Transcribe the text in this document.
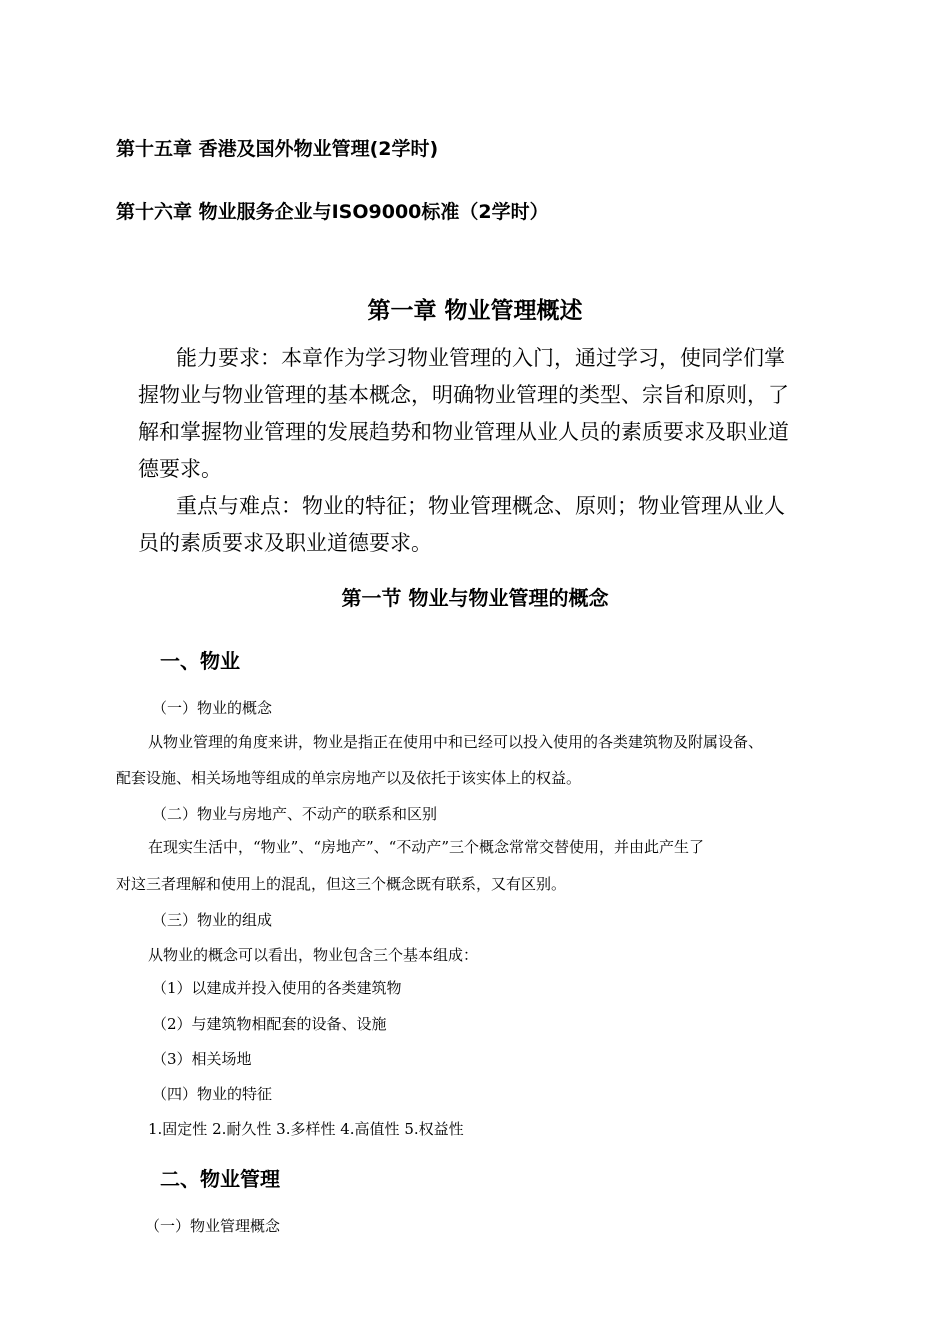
第十五章 香港及国外物业管理(2学时)
第十六章 物业服务企业与ISO9000标准（2学时）
第一章 物业管理概述
能力要求：本章作为学习物业管理的入门，通过学习，使同学们掌
握物业与物业管理的基本概念，明确物业管理的类型、宗旨和原则，了
解和掌握物业管理的发展趋势和物业管理从业人员的素质要求及职业道
德要求。
重点与难点：物业的特征；物业管理概念、原则；物业管理从业人
员的素质要求及职业道德要求。
第一节 物业与物业管理的概念
一、物业
（一）物业的概念
从物业管理的角度来讲，物业是指正在使用中和已经可以投入使用的各类建筑物及附属设备、
配套设施、相关场地等组成的单宗房地产以及依托于该实体上的权益。
（二）物业与房地产、不动产的联系和区别
在现实生活中，“物业”、“房地产”、“不动产”三个概念常常交替使用，并由此产生了
对这三者理解和使用上的混乱，但这三个概念既有联系，又有区别。
（三）物业的组成
从物业的概念可以看出，物业包含三个基本组成：
（1）以建成并投入使用的各类建筑物
（2）与建筑物相配套的设备、设施
（3）相关场地
（四）物业的特征
1.固定性 2.耐久性 3.多样性 4.高值性 5.权益性
二、物业管理
（一）物业管理概念
